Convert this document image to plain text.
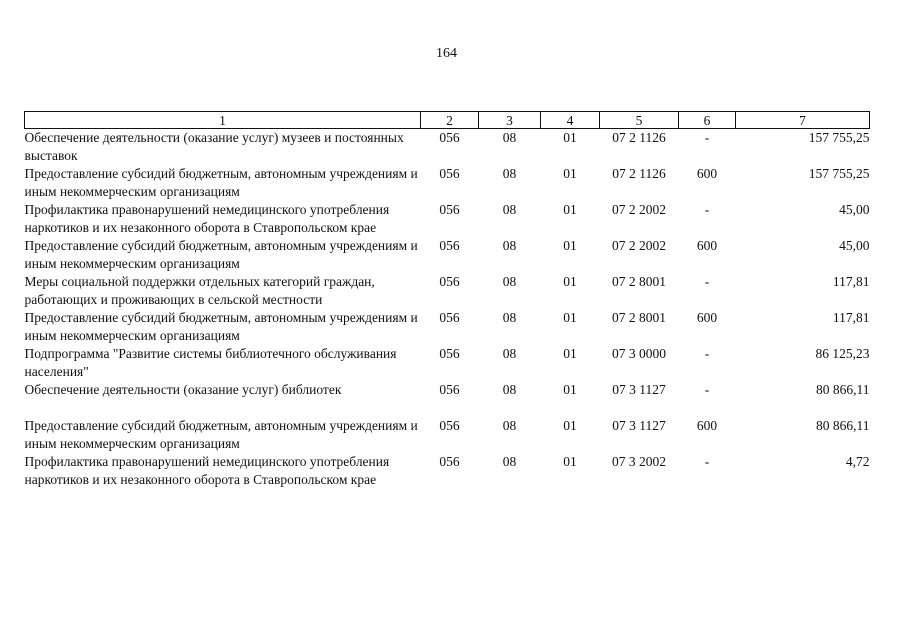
164
1	2	3	4	5	6	7
Обеспечение деятельности (оказание услуг) музеев и постоянных выставок	056	08	01	07 2 1126	-	157 755,25
Предоставление субсидий бюджетным, автономным учреждениям и иным некоммерческим организациям	056	08	01	07 2 1126	600	157 755,25
Профилактика правонарушений немедицинского употребления наркотиков и их незаконного оборота в Ставропольском крае	056	08	01	07 2 2002	-	45,00
Предоставление субсидий бюджетным, автономным учреждениям и иным некоммерческим организациям	056	08	01	07 2 2002	600	45,00
Меры социальной поддержки отдельных категорий граждан, работающих и проживающих в сельской местности	056	08	01	07 2 8001	-	117,81
Предоставление субсидий бюджетным, автономным учреждениям и иным некоммерческим организациям	056	08	01	07 2 8001	600	117,81
Подпрограмма "Развитие системы библиотечного обслуживания населения"	056	08	01	07 3 0000	-	86 125,23
Обеспечение деятельности (оказание услуг) библиотек	056	08	01	07 3 1127	-	80 866,11
Предоставление субсидий бюджетным, автономным учреждениям и иным некоммерческим организациям	056	08	01	07 3 1127	600	80 866,11
Профилактика правонарушений немедицинского употребления наркотиков и их незаконного оборота в Ставропольском крае	056	08	01	07 3 2002	-	4,72
